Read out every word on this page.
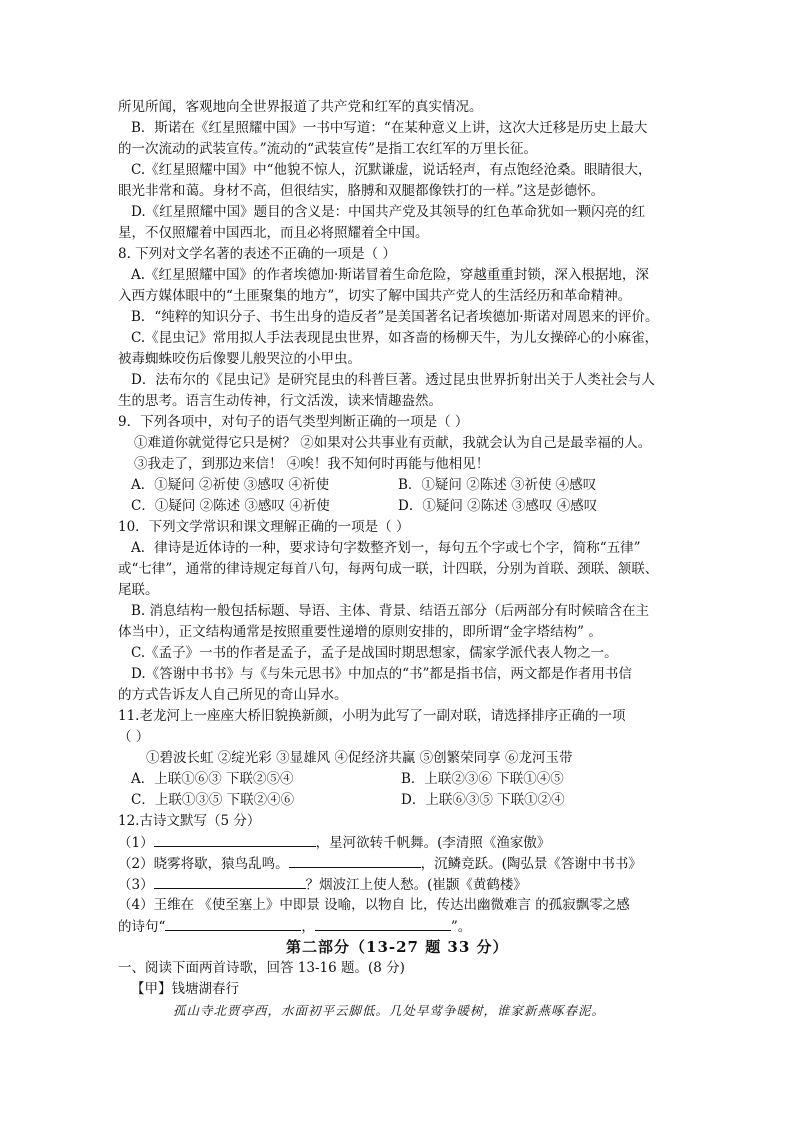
所见所闻，客观地向全世界报道了共产党和红军的真实情况。
B．斯诺在《红星照耀中国》一书中写道：“在某种意义上讲，这次大迁移是历史上最大
的一次流动的武装宣传。”流动的“武装宣传”是指工农红军的万里长征。
C.《红星照耀中国》中“他貌不惊人，沉默谦虚，说话轻声，有点饱经沧桑。眼睛很大，
眼光非常和蔼。身材不高，但很结实，胳膊和双腿都像铁打的一样。”这是彭德怀。
D.《红星照耀中国》题目的含义是：中国共产党及其领导的红色革命犹如一颗闪亮的红
星，不仅照耀着中国西北，而且必将照耀着全中国。
8. 下列对文学名著的表述不正确的一项是（ ）
A.《红星照耀中国》的作者埃德加·斯诺冒着生命危险，穿越重重封锁，深入根据地，深
入西方媒体眼中的“土匪聚集的地方”，切实了解中国共产党人的生活经历和革命精神。
B．“纯粹的知识分子、书生出身的造反者”是美国著名记者埃德加·斯诺对周恩来的评价。
C.《昆虫记》常用拟人手法表现昆虫世界，如吝啬的杨柳天牛，为儿女操碎心的小麻雀，
被毒蜘蛛咬伤后像婴儿般哭泣的小甲虫。
D．法布尔的《昆虫记》是研究昆虫的科普巨著。透过昆虫世界折射出关于人类社会与人
生的思考。语言生动传神，行文活泼，读来情趣盎然。
9．下列各项中，对句子的语气类型判断正确的一项是（ ）
①难道你就觉得它只是树？ ②如果对公共事业有贡献，我就会认为自己是最幸福的人。
③我走了，到那边来信！ ④唉！我不知何时再能与他相见！
A．①疑问 ②祈使 ③感叹 ④祈使	B．①疑问 ②陈述 ③祈使 ④感叹
C．①疑问 ②陈述 ③感叹 ④祈使	D．①疑问 ②陈述 ③感叹 ④感叹
10．下列文学常识和课文理解正确的一项是（ ）
A．律诗是近体诗的一种，要求诗句字数整齐划一，每句五个字或七个字，简称“五律”
或“七律”，通常的律诗规定每首八句，每两句成一联，计四联，分别为首联、颈联、颔联、
尾联。
B. 消息结构一般包括标题、导语、主体、背景、结语五部分（后两部分有时候暗含在主
体当中），正文结构通常是按照重要性递增的原则安排的，即所谓“金字塔结构” 。
C.《孟子》一书的作者是孟子，孟子是战国时期思想家，儒家学派代表人物之一。
D.《答谢中书书》与《与朱元思书》中加点的“书”都是指书信，两文都是作者用书信
的方式告诉友人自己所见的奇山异水。
11.老龙河上一座座大桥旧貌换新颜，小明为此写了一副对联，请选择排序正确的一项
（ ）
①碧波长虹 ②绽光彩 ③显雄风 ④促经济共赢 ⑤创繁荣同享 ⑥龙河玉带
A．上联①⑥③ 下联②⑤④	B．上联②③⑥ 下联①④⑤
C．上联①③⑤ 下联②④⑥	D．上联⑥③⑤ 下联①②④
12.古诗文默写（5 分）
（1）	，星河欲转千帆舞。(李清照《渔家傲》
（2）晓雾将歇，猿鸟乱鸣。	，沉鳞竞跃。(陶弘景《答谢中书书》
（3）	？烟波江上使人愁。(崔颢《黄鹤楼》
（4）王维在 《使至塞上》中即景 设喻，以物自 比，传达出幽微难言 的孤寂飘零之感
的诗句“	，	”。
第二部分（13-27 题 33 分）
一、阅读下面两首诗歌，回答 13-16 题。(8 分)
【甲】钱塘湖春行
孤山寺北贾亭西，水面初平云脚低。几处早莺争暖树，谁家新燕啄春泥。
